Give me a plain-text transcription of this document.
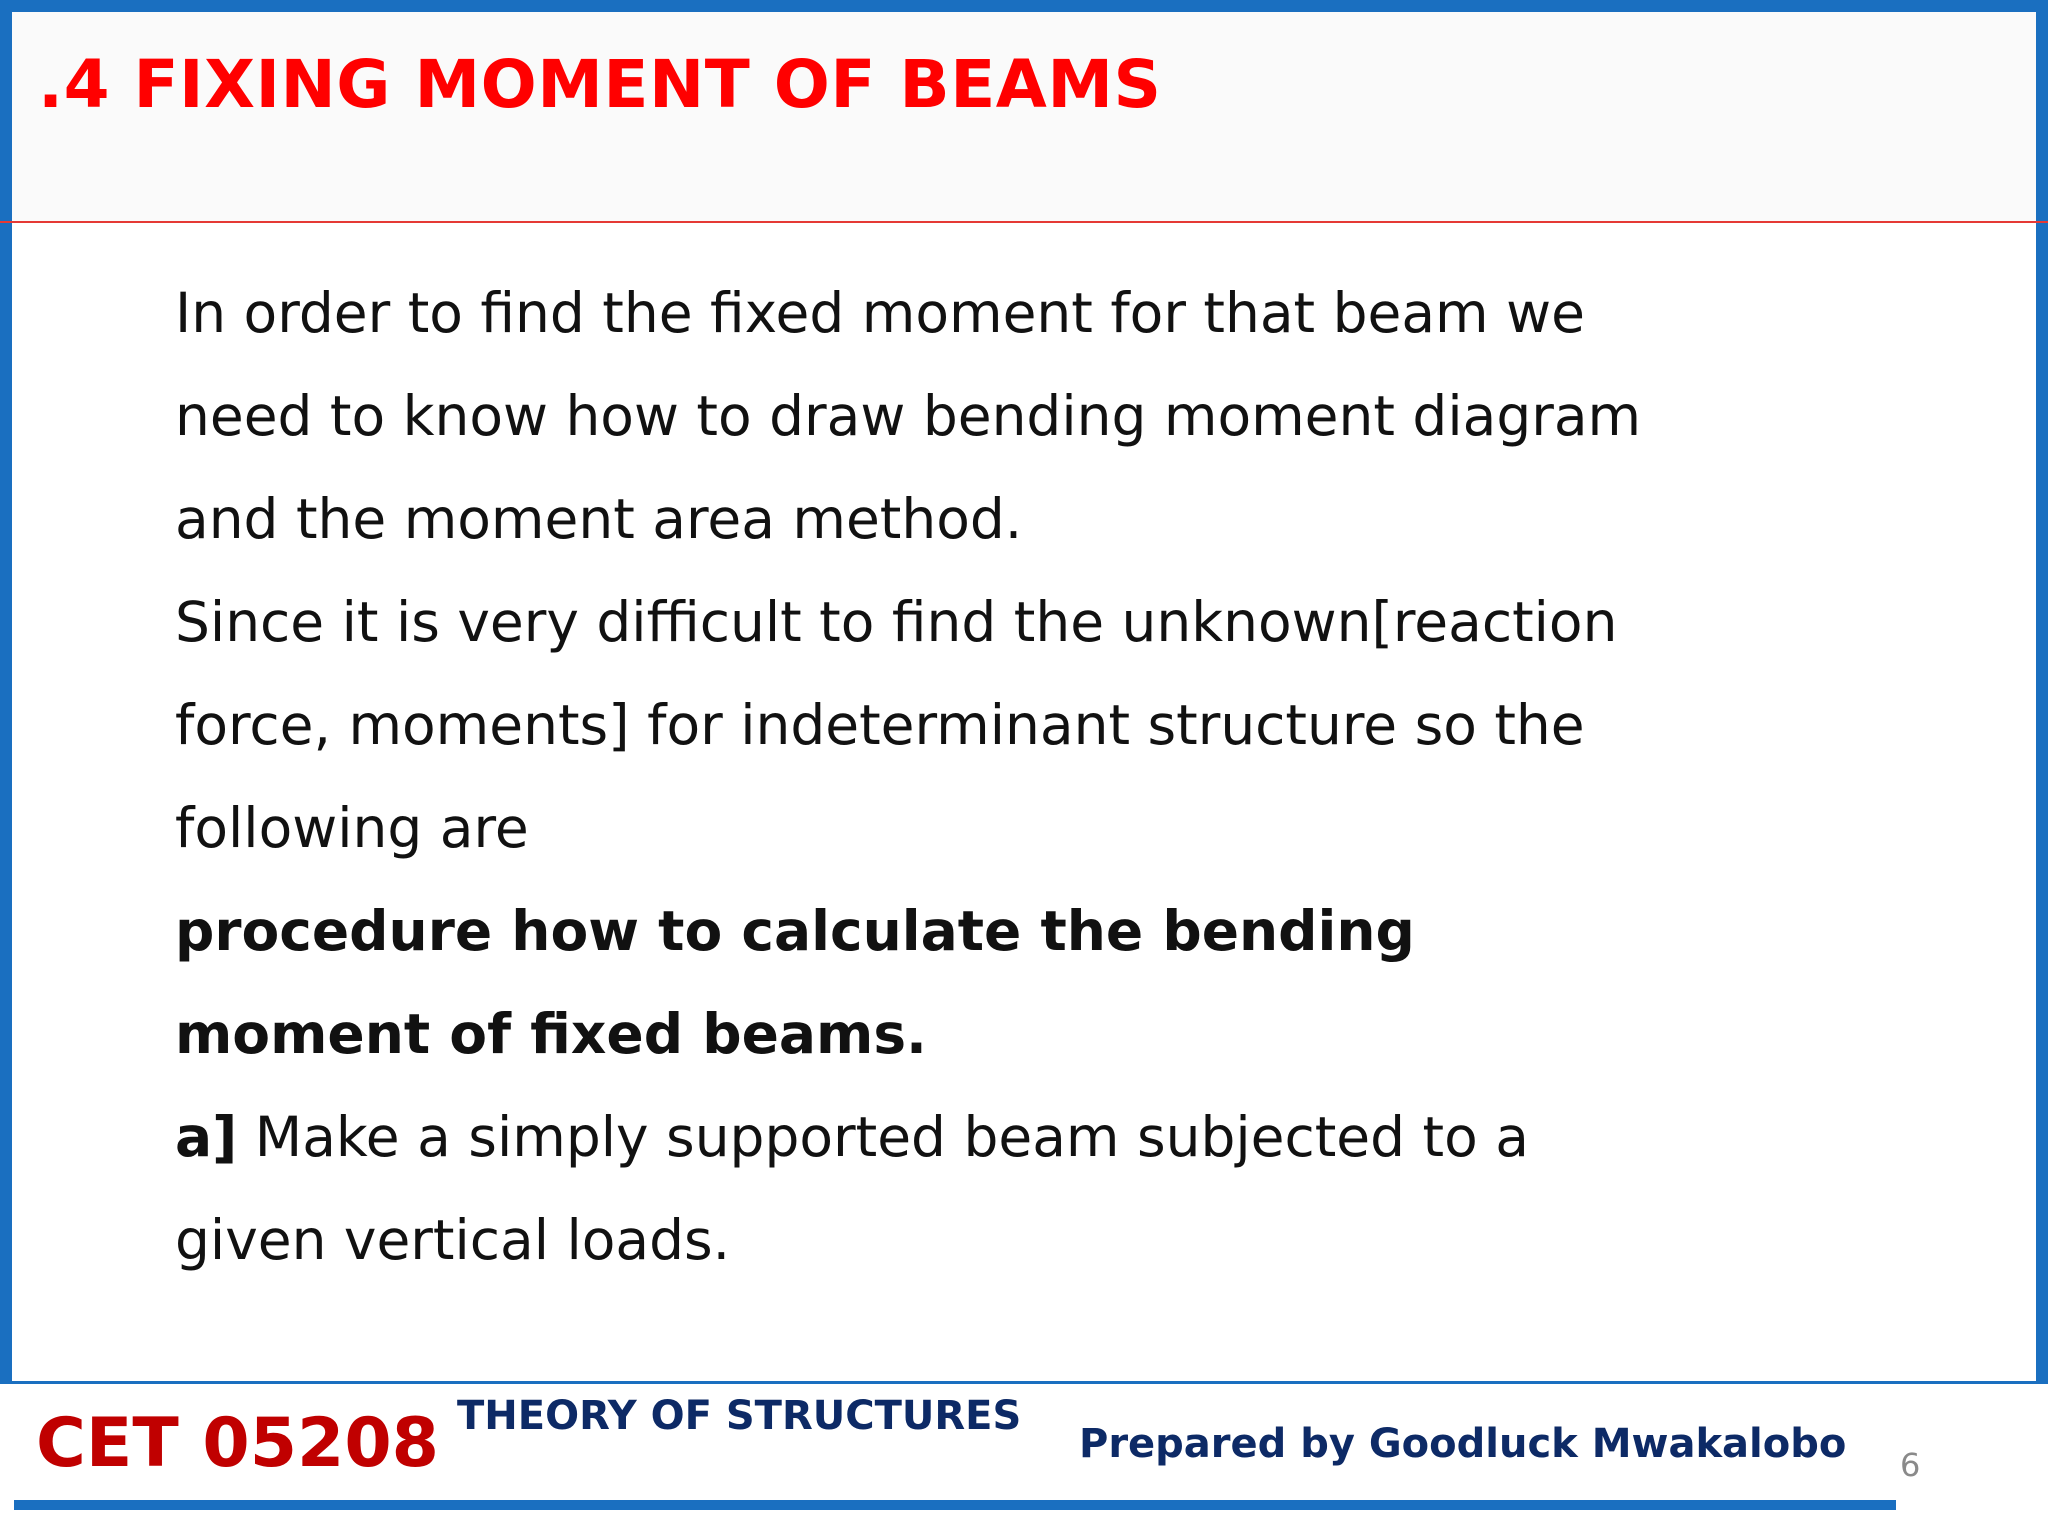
.4 FIXING MOMENT OF BEAMS

In order to find the fixed moment for that beam we
need to know how to draw bending moment diagram
and the moment area method.

Since it is very difficult to find the unknown[reaction
force, moments] for indeterminant structure so the
following are

procedure how to calculate the bending
moment of fixed beams.

a] Make a simply supported beam subjected to a
given vertical loads.

CET 05208 THEORY OF STRUCTURES
Prepared by Goodluck Mwakalobo 6
